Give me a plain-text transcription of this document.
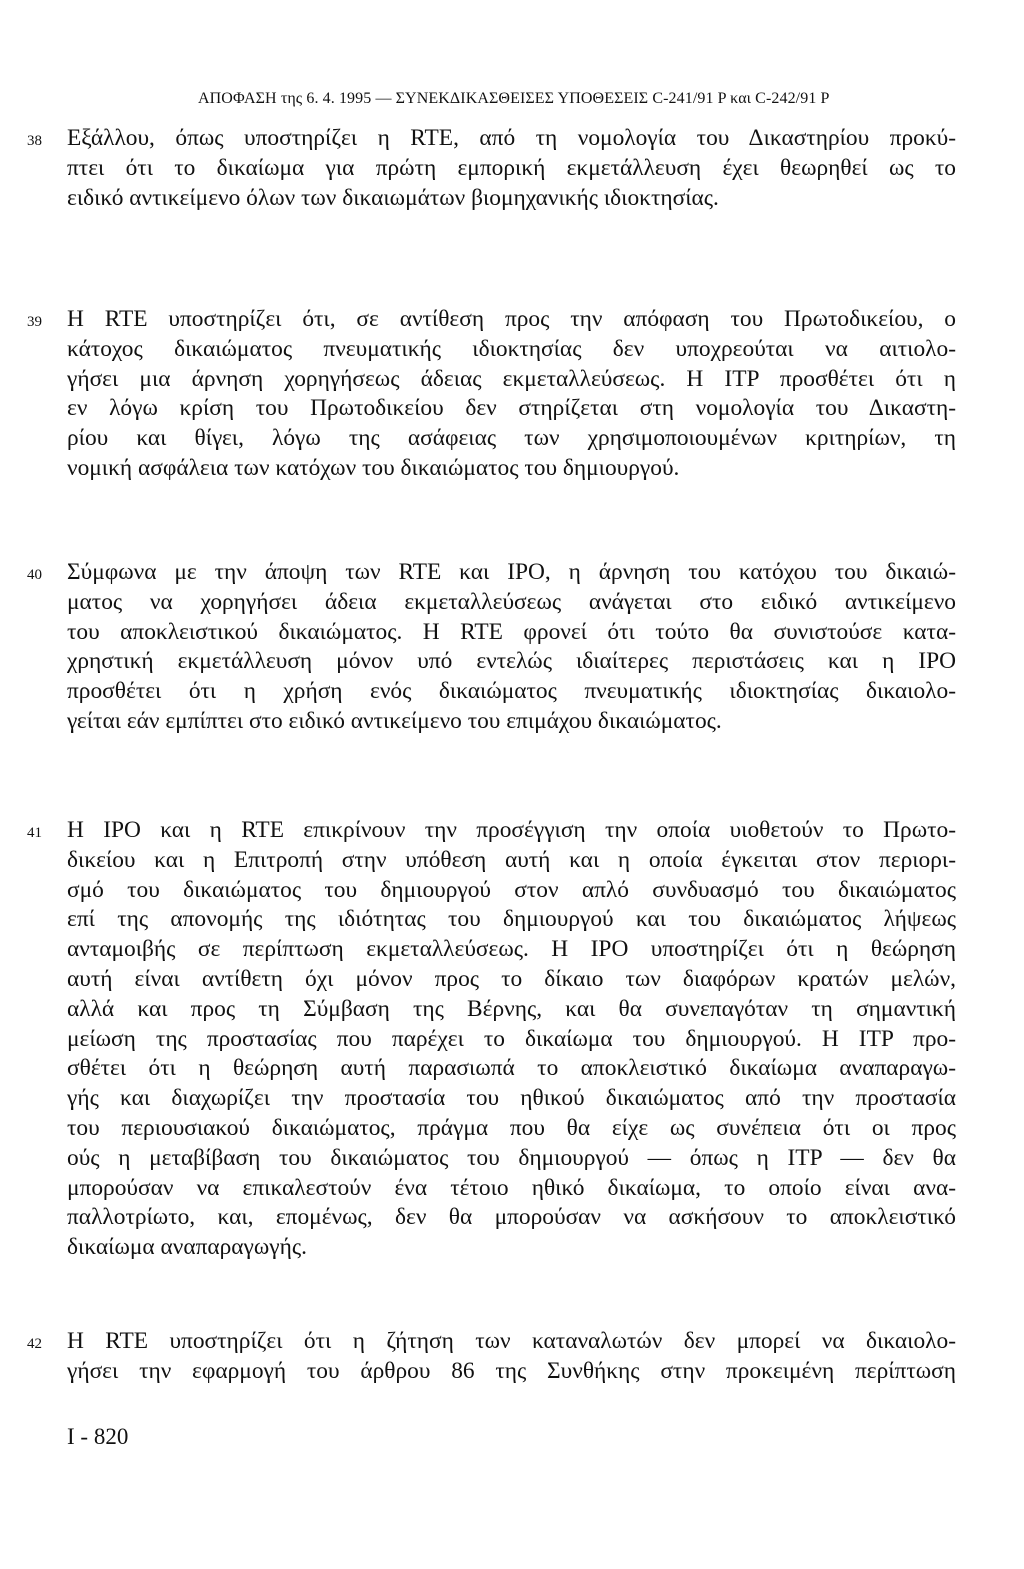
ΑΠΟΦΑΣΗ της 6. 4. 1995 — ΣΥΝΕΚΔΙΚΑΣΘΕΙΣΕΣ ΥΠΟΘΕΣΕΙΣ C-241/91 P και C-242/91 P
38 Εξάλλου, όπως υποστηρίζει η RTE, από τη νομολογία του Δικαστηρίου προκύ-
πτει ότι το δικαίωμα για πρώτη εμπορική εκμετάλλευση έχει θεωρηθεί ως το
ειδικό αντικείμενο όλων των δικαιωμάτων βιομηχανικής ιδιοκτησίας.
39 Η RTE υποστηρίζει ότι, σε αντίθεση προς την απόφαση του Πρωτοδικείου, ο
κάτοχος δικαιώματος πνευματικής ιδιοκτησίας δεν υποχρεούται να αιτιολο-
γήσει μια άρνηση χορηγήσεως άδειας εκμεταλλεύσεως. Η ITP προσθέτει ότι η
εν λόγω κρίση του Πρωτοδικείου δεν στηρίζεται στη νομολογία του Δικαστη-
ρίου και θίγει, λόγω της ασάφειας των χρησιμοποιουμένων κριτηρίων, τη
νομική ασφάλεια των κατόχων του δικαιώματος του δημιουργού.
40 Σύμφωνα με την άποψη των RTE και IPO, η άρνηση του κατόχου του δικαιώ-
ματος να χορηγήσει άδεια εκμεταλλεύσεως ανάγεται στο ειδικό αντικείμενο
του αποκλειστικού δικαιώματος. Η RTE φρονεί ότι τούτο θα συνιστούσε κατα-
χρηστική εκμετάλλευση μόνον υπό εντελώς ιδιαίτερες περιστάσεις και η IPO
προσθέτει ότι η χρήση ενός δικαιώματος πνευματικής ιδιοκτησίας δικαιολο-
γείται εάν εμπίπτει στο ειδικό αντικείμενο του επιμάχου δικαιώματος.
41 Η IPO και η RTE επικρίνουν την προσέγγιση την οποία υιοθετούν το Πρωτο-
δικείου και η Επιτροπή στην υπόθεση αυτή και η οποία έγκειται στον περιορι-
σμό του δικαιώματος του δημιουργού στον απλό συνδυασμό του δικαιώματος
επί της απονομής της ιδιότητας του δημιουργού και του δικαιώματος λήψεως
ανταμοιβής σε περίπτωση εκμεταλλεύσεως. Η IPO υποστηρίζει ότι η θεώρηση
αυτή είναι αντίθετη όχι μόνον προς το δίκαιο των διαφόρων κρατών μελών,
αλλά και προς τη Σύμβαση της Βέρνης, και θα συνεπαγόταν τη σημαντική
μείωση της προστασίας που παρέχει το δικαίωμα του δημιουργού. Η ITP προ-
σθέτει ότι η θεώρηση αυτή παρασιωπά το αποκλειστικό δικαίωμα αναπαραγω-
γής και διαχωρίζει την προστασία του ηθικού δικαιώματος από την προστασία
του περιουσιακού δικαιώματος, πράγμα που θα είχε ως συνέπεια ότι οι προς
ούς η μεταβίβαση του δικαιώματος του δημιουργού — όπως η ITP — δεν θα
μπορούσαν να επικαλεστούν ένα τέτοιο ηθικό δικαίωμα, το οποίο είναι ανα-
παλλοτρίωτο, και, επομένως, δεν θα μπορούσαν να ασκήσουν το αποκλειστικό
δικαίωμα αναπαραγωγής.
42 Η RTE υποστηρίζει ότι η ζήτηση των καταναλωτών δεν μπορεί να δικαιολο-
γήσει την εφαρμογή του άρθρου 86 της Συνθήκης στην προκειμένη περίπτωση
I - 820
